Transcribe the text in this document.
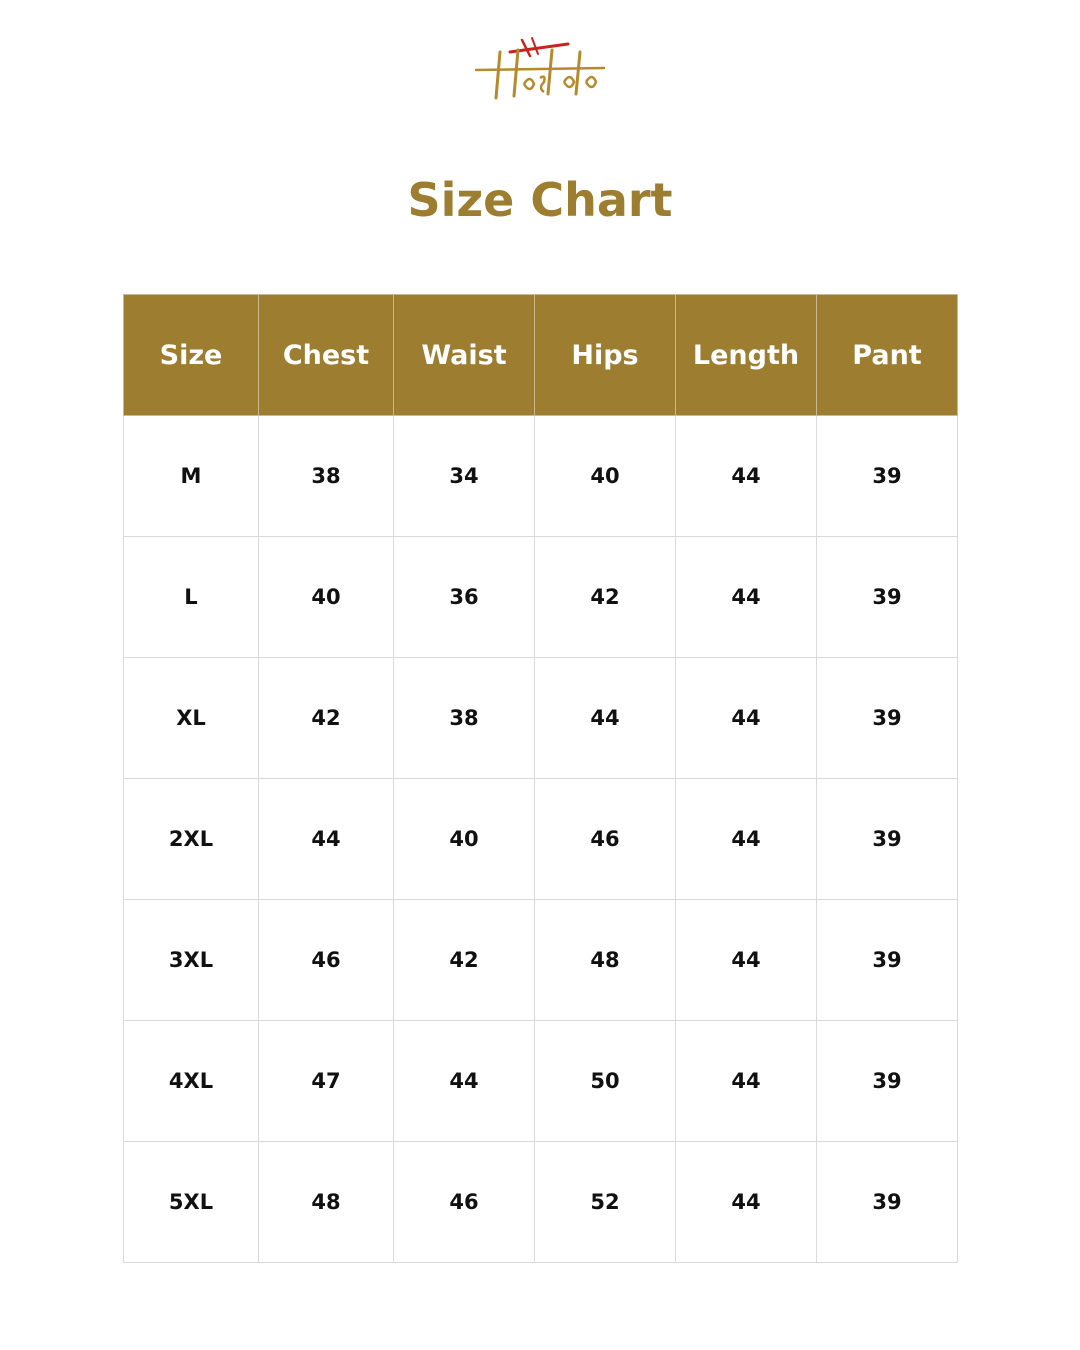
Size Chart
Size	Chest	Waist	Hips	Length	Pant
M	38	34	40	44	39
L	40	36	42	44	39
XL	42	38	44	44	39
2XL	44	40	46	44	39
3XL	46	42	48	44	39
4XL	47	44	50	44	39
5XL	48	46	52	44	39
